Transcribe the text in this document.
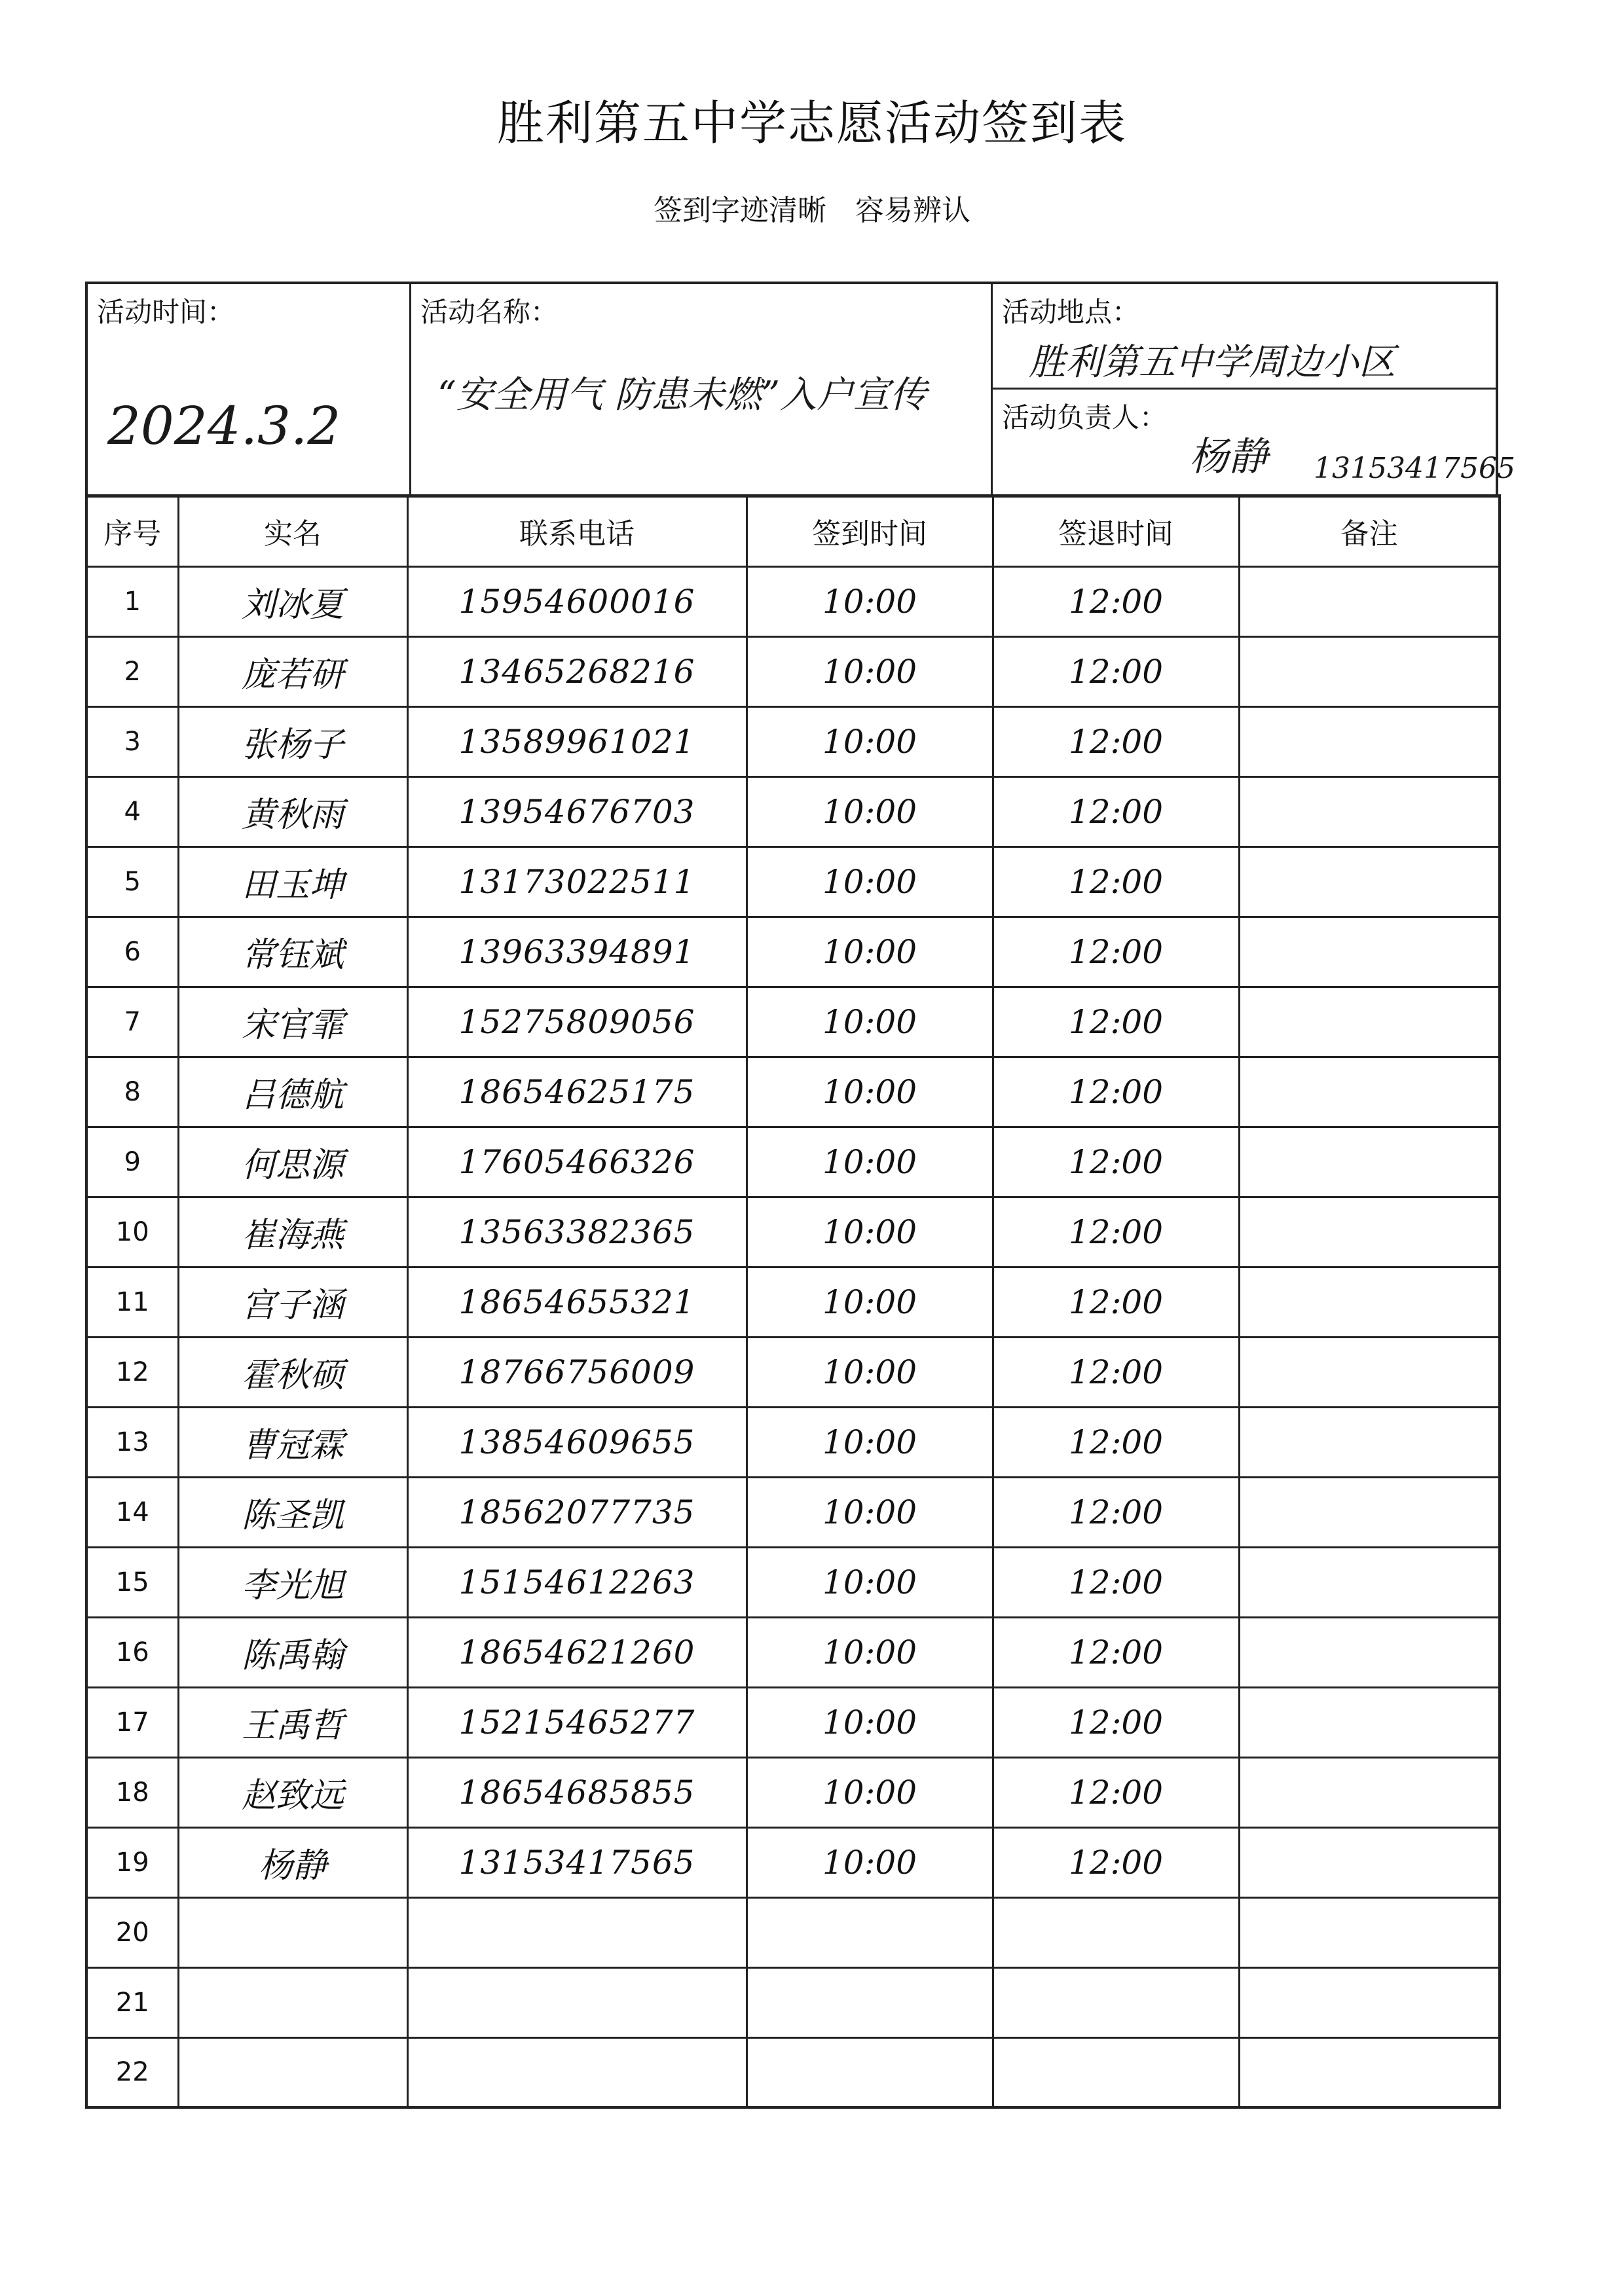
胜利第五中学志愿活动签到表
签到字迹清晰　容易辨认
活动时间：
2024.3.2
活动名称：
“安全用气 防患未燃”入户宣传
活动地点：
胜利第五中学周边小区
活动负责人：
杨静 13153417565
序号	实名	联系电话	签到时间	签退时间	备注
1	刘冰夏	15954600016	10:00	12:00	
2	庞若研	13465268216	10:00	12:00	
3	张杨子	13589961021	10:00	12:00	
4	黄秋雨	13954676703	10:00	12:00	
5	田玉坤	13173022511	10:00	12:00	
6	常钰斌	13963394891	10:00	12:00	
7	宋官霏	15275809056	10:00	12:00	
8	吕德航	18654625175	10:00	12:00	
9	何思源	17605466326	10:00	12:00	
10	崔海燕	13563382365	10:00	12:00	
11	宫子涵	18654655321	10:00	12:00	
12	霍秋硕	18766756009	10:00	12:00	
13	曹冠霖	13854609655	10:00	12:00	
14	陈圣凯	18562077735	10:00	12:00	
15	李光旭	15154612263	10:00	12:00	
16	陈禹翰	18654621260	10:00	12:00	
17	王禹哲	15215465277	10:00	12:00	
18	赵致远	18654685855	10:00	12:00	
19	杨静	13153417565	10:00	12:00	
20					
21					
22					
